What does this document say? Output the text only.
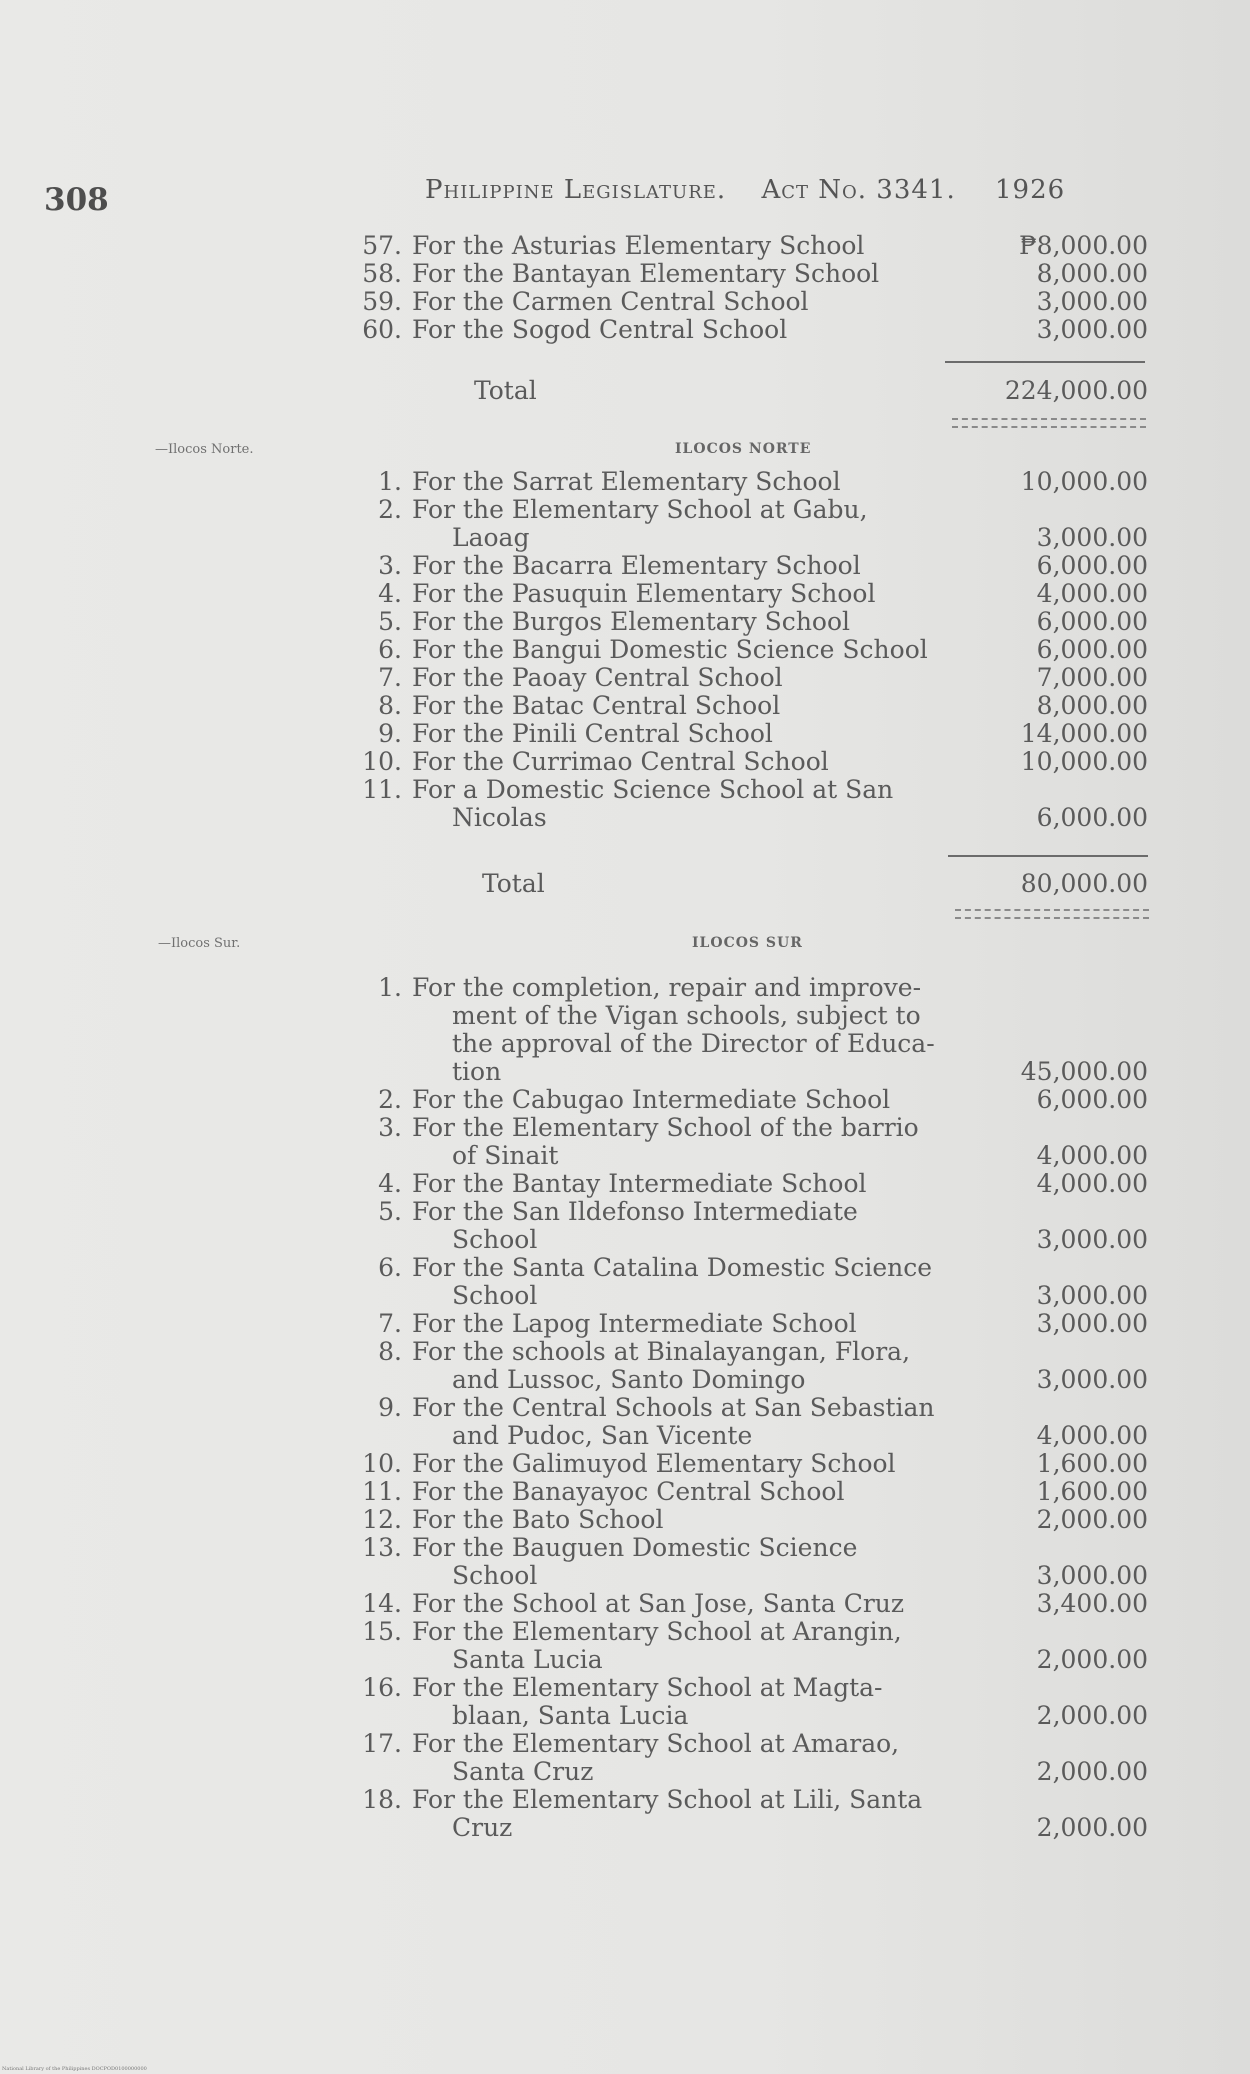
308	Philippine Legislature. Act No. 3341. 1926
57. For the Asturias Elementary School	₱8,000.00
58. For the Bantayan Elementary School	8,000.00
59. For the Carmen Central School	3,000.00
60. For the Sogod Central School	3,000.00
Total	224,000.00
—Ilocos Norte.	ILOCOS NORTE
1. For the Sarrat Elementary School	10,000.00
2. For the Elementary School at Gabu,
Laoag	3,000.00
3. For the Bacarra Elementary School	6,000.00
4. For the Pasuquin Elementary School	4,000.00
5. For the Burgos Elementary School	6,000.00
6. For the Bangui Domestic Science School	6,000.00
7. For the Paoay Central School	7,000.00
8. For the Batac Central School	8,000.00
9. For the Pinili Central School	14,000.00
10. For the Currimao Central School	10,000.00
11. For a Domestic Science School at San
Nicolas	6,000.00
Total	80,000.00
—Ilocos Sur.	ILOCOS SUR
1. For the completion, repair and improve-
ment of the Vigan schools, subject to
the approval of the Director of Educa-
tion	45,000.00
2. For the Cabugao Intermediate School	6,000.00
3. For the Elementary School of the barrio
of Sinait	4,000.00
4. For the Bantay Intermediate School	4,000.00
5. For the San Ildefonso Intermediate
School	3,000.00
6. For the Santa Catalina Domestic Science
School	3,000.00
7. For the Lapog Intermediate School	3,000.00
8. For the schools at Binalayangan, Flora,
and Lussoc, Santo Domingo	3,000.00
9. For the Central Schools at San Sebastian
and Pudoc, San Vicente	4,000.00
10. For the Galimuyod Elementary School	1,600.00
11. For the Banayayoc Central School	1,600.00
12. For the Bato School	2,000.00
13. For the Bauguen Domestic Science
School	3,000.00
14. For the School at San Jose, Santa Cruz	3,400.00
15. For the Elementary School at Arangin,
Santa Lucia	2,000.00
16. For the Elementary School at Magta-
blaan, Santa Lucia	2,000.00
17. For the Elementary School at Amarao,
Santa Cruz	2,000.00
18. For the Elementary School at Lili, Santa
Cruz	2,000.00
National Library of the Philippines DOCPOD0100000000
